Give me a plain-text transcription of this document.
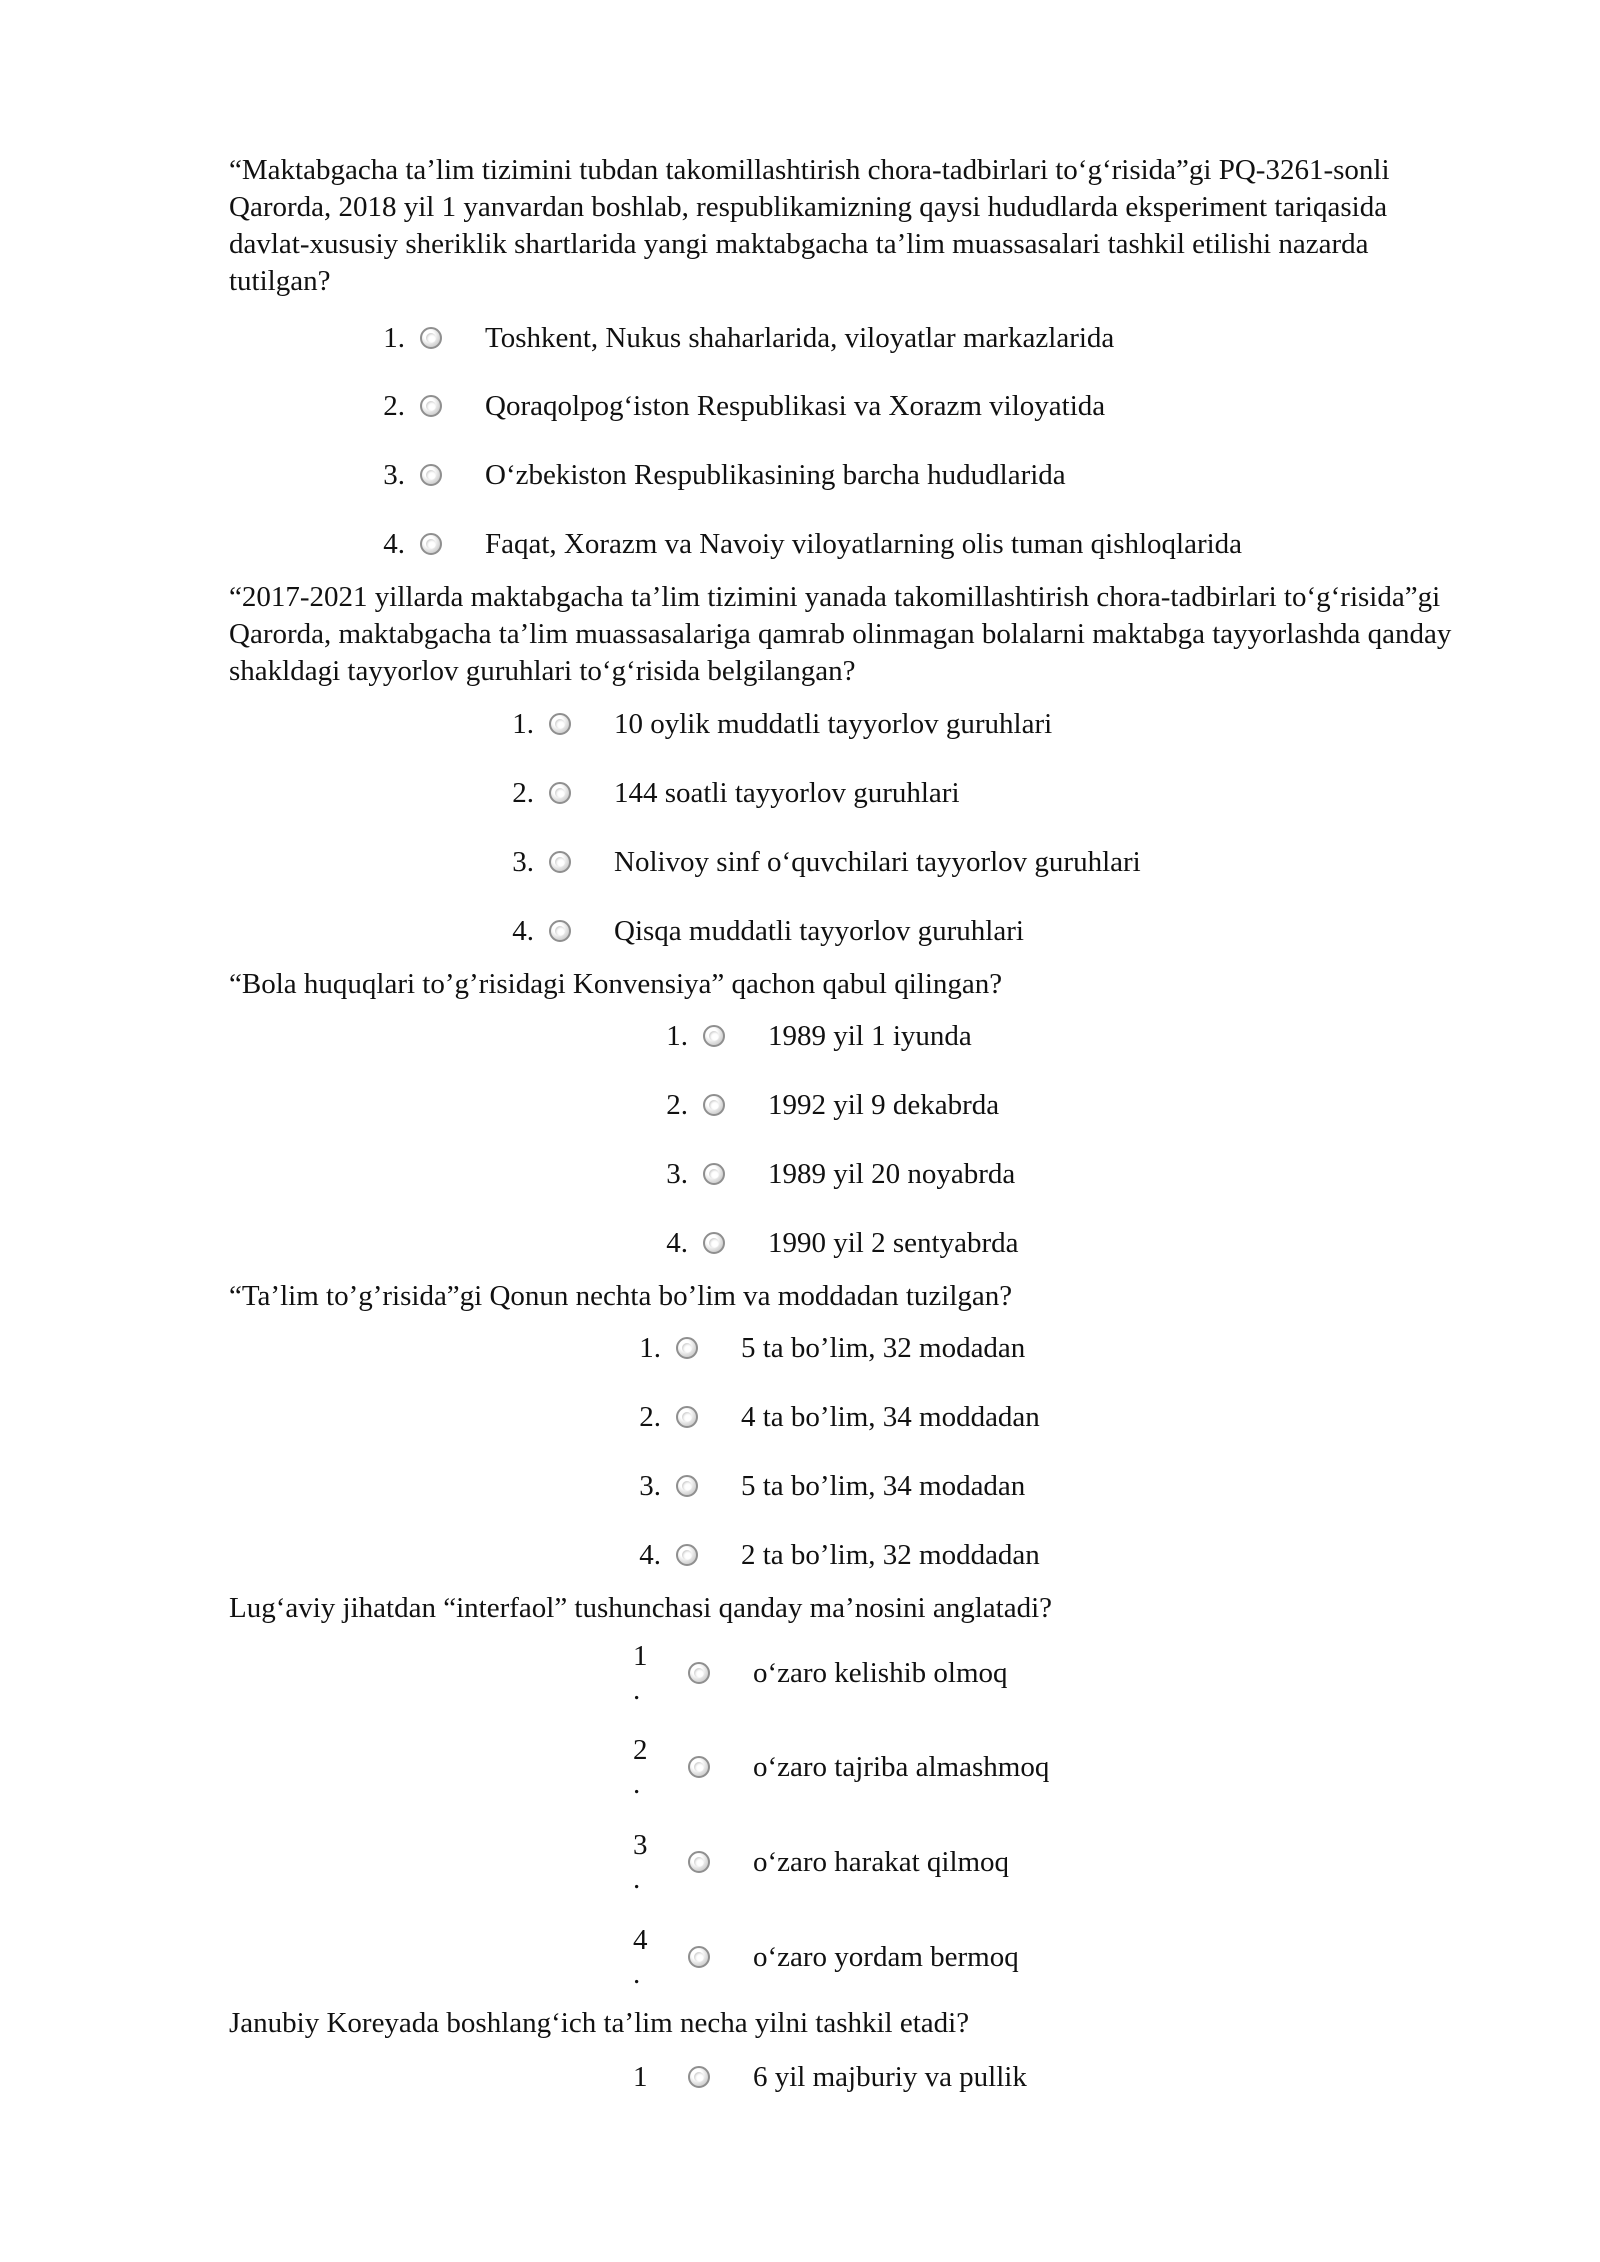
“Maktabgacha ta’lim tizimini tubdan takomillashtirish chora-tadbirlari to‘g‘risida”gi PQ-3261-sonli Qarorda, 2018 yil 1 yanvardan boshlab, respublikamizning qaysi hududlarda eksperiment tariqasida davlat-xususiy sheriklik shartlarida yangi maktabgacha ta’lim muassasalari tashkil etilishi nazarda tutilgan?

1.	Toshkent, Nukus shaharlarida, viloyatlar markazlarida
2.	Qoraqolpog‘iston Respublikasi va Xorazm viloyatida
3.	O‘zbekiston Respublikasining barcha hududlarida
4.	Faqat, Xorazm va Navoiy viloyatlarning olis tuman qishloqlarida

“2017-2021 yillarda maktabgacha ta’lim tizimini yanada takomillashtirish chora-tadbirlari to‘g‘risida”gi Qarorda, maktabgacha ta’lim muassasalariga qamrab olinmagan bolalarni maktabga tayyorlashda qanday shakldagi tayyorlov guruhlari to‘g‘risida belgilangan?

1.	10 oylik muddatli tayyorlov guruhlari
2.	144 soatli tayyorlov guruhlari
3.	Nolivoy sinf o‘quvchilari tayyorlov guruhlari
4.	Qisqa muddatli tayyorlov guruhlari

“Bola huquqlari to’g’risidagi Konvensiya” qachon qabul qilingan?

1.	1989 yil 1 iyunda
2.	1992 yil 9 dekabrda
3.	1989 yil 20 noyabrda
4.	1990 yil 2 sentyabrda

“Ta’lim to’g’risida”gi Qonun nechta bo’lim va moddadan tuzilgan?

1.	5 ta bo’lim, 32 modadan
2.	4 ta bo’lim, 34 moddadan
3.	5 ta bo’lim, 34 modadan
4.	2 ta bo’lim, 32 moddadan

Lug‘aviy jihatdan “interfaol” tushunchasi qanday ma’nosini anglatadi?

1
.
o‘zaro kelishib olmoq
2
.
o‘zaro tajriba almashmoq
3
.
o‘zaro harakat qilmoq
4
.
o‘zaro yordam bermoq

Janubiy Koreyada boshlang‘ich ta’lim necha yilni tashkil etadi?

1	6 yil majburiy va pullik
